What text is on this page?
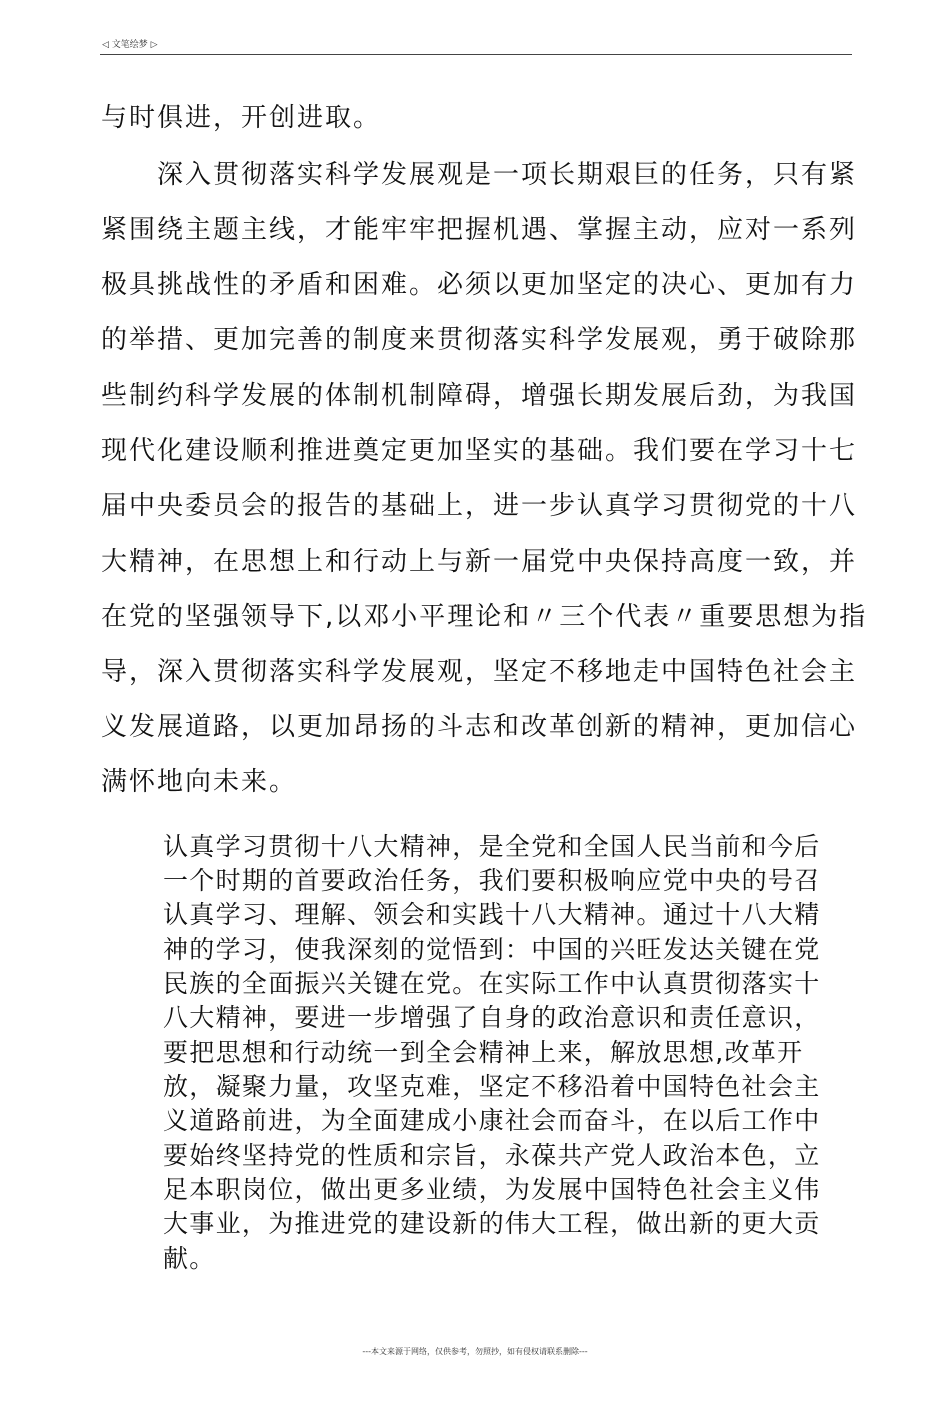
◁ 文笔绘梦 ▷

与时俱进，开创进取。

　　深入贯彻落实科学发展观是一项长期艰巨的任务，只有紧

紧围绕主题主线，才能牢牢把握机遇、掌握主动，应对一系列

极具挑战性的矛盾和困难。必须以更加坚定的决心、更加有力

的举措、更加完善的制度来贯彻落实科学发展观，勇于破除那

些制约科学发展的体制机制障碍，增强长期发展后劲，为我国

现代化建设顺利推进奠定更加坚实的基础。我们要在学习十七

届中央委员会的报告的基础上，进一步认真学习贯彻党的十八

大精神，在思想上和行动上与新一届党中央保持高度一致，并

在党的坚强领导下,以邓小平理论和〃三个代表〃重要思想为指

导，深入贯彻落实科学发展观，坚定不移地走中国特色社会主

义发展道路，以更加昂扬的斗志和改革创新的精神，更加信心

满怀地向未来。

认真学习贯彻十八大精神，是全党和全国人民当前和今后

一个时期的首要政治任务，我们要积极响应党中央的号召

认真学习、理解、领会和实践十八大精神。通过十八大精

神的学习，使我深刻的觉悟到：中国的兴旺发达关键在党

民族的全面振兴关键在党。在实际工作中认真贯彻落实十

八大精神，要进一步增强了自身的政治意识和责任意识，

要把思想和行动统一到全会精神上来，解放思想,改革开

放，凝聚力量，攻坚克难，坚定不移沿着中国特色社会主

义道路前进，为全面建成小康社会而奋斗，在以后工作中

要始终坚持党的性质和宗旨，永葆共产党人政治本色，立

足本职岗位，做出更多业绩，为发展中国特色社会主义伟

大事业，为推进党的建设新的伟大工程，做出新的更大贡

献。

---本文来源于网络，仅供参考，勿照抄，如有侵权请联系删除---
